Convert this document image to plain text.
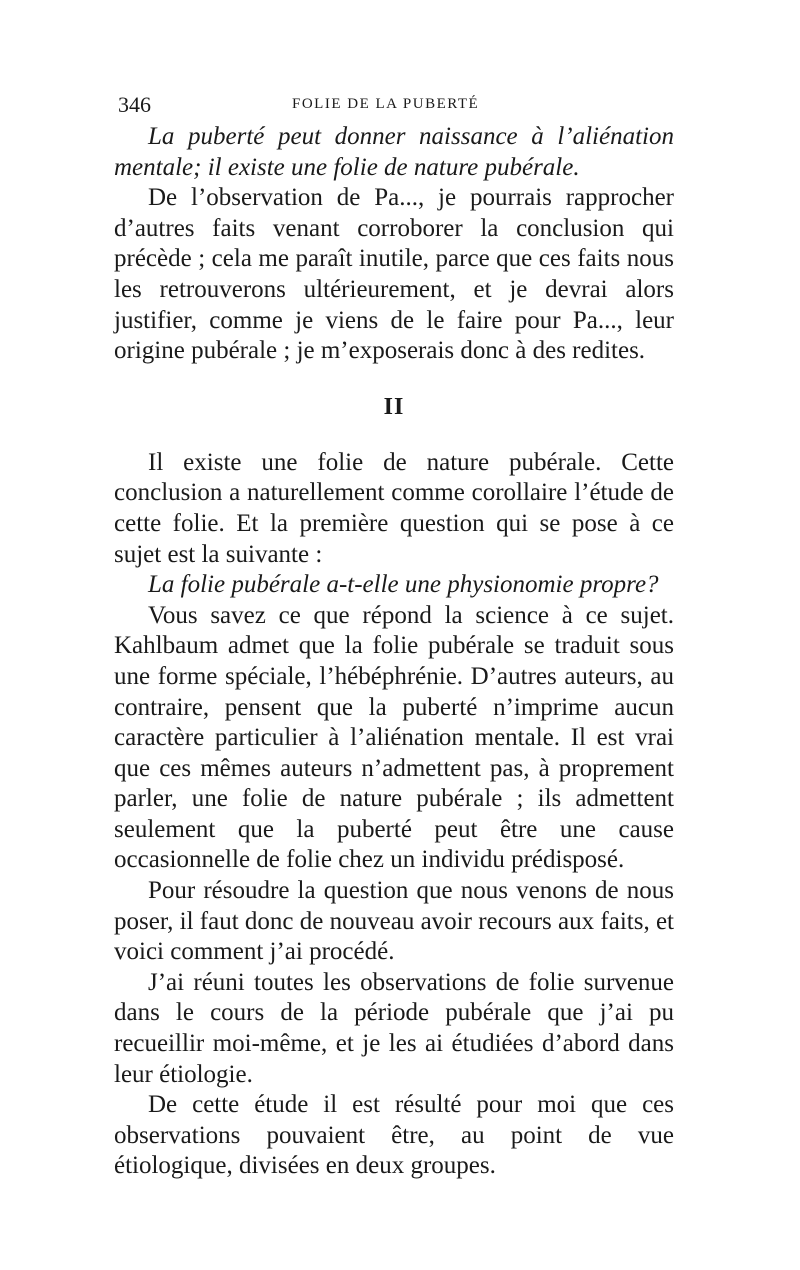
346	FOLIE DE LA PUBERTÉ

La puberté peut donner naissance à l’aliénation mentale; il existe une folie de nature pubérale.

De l’observation de Pa..., je pourrais rapprocher d’autres faits venant corroborer la conclusion qui précède ; cela me paraît inutile, parce que ces faits nous les retrouverons ultérieurement, et je devrai alors justifier, comme je viens de le faire pour Pa..., leur origine pubérale ; je m’exposerais donc à des redites.

II

Il existe une folie de nature pubérale. Cette conclusion a naturellement comme corollaire l’étude de cette folie. Et la première question qui se pose à ce sujet est la suivante :

La folie pubérale a-t-elle une physionomie propre?

Vous savez ce que répond la science à ce sujet. Kahlbaum admet que la folie pubérale se traduit sous une forme spéciale, l’hébéphrénie. D’autres auteurs, au contraire, pensent que la puberté n’imprime aucun caractère particulier à l’aliénation mentale. Il est vrai que ces mêmes auteurs n’admettent pas, à proprement parler, une folie de nature pubérale ; ils admettent seulement que la puberté peut être une cause occasionnelle de folie chez un individu prédisposé.

Pour résoudre la question que nous venons de nous poser, il faut donc de nouveau avoir recours aux faits, et voici comment j’ai procédé.

J’ai réuni toutes les observations de folie survenue dans le cours de la période pubérale que j’ai pu recueillir moi-même, et je les ai étudiées d’abord dans leur étiologie.

De cette étude il est résulté pour moi que ces observations pouvaient être, au point de vue étiologique, divisées en deux groupes.
